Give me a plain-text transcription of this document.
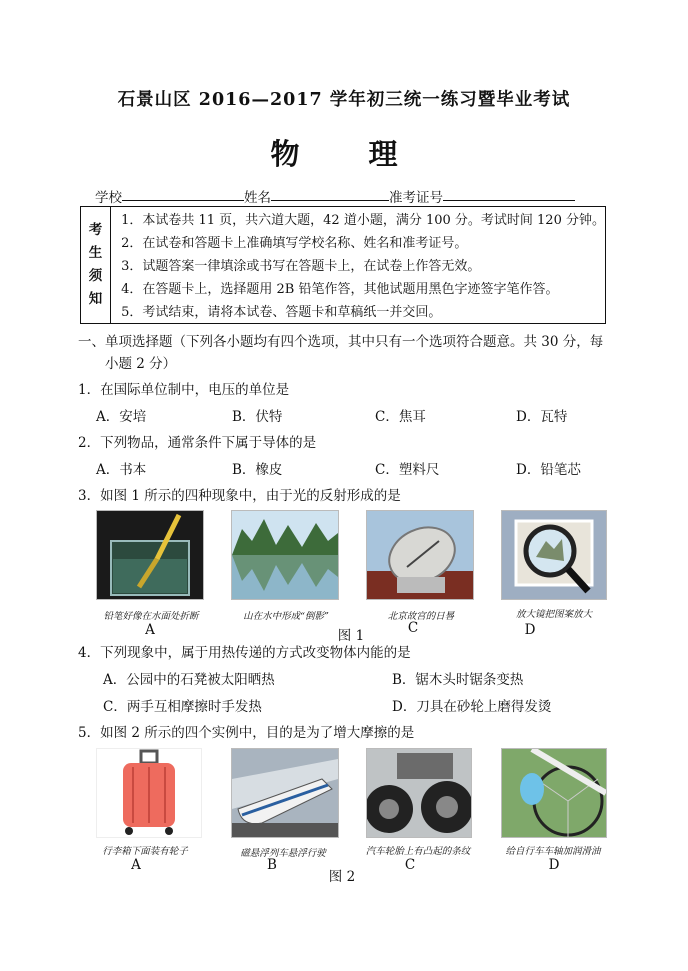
石景山区 2016—2017 学年初三统一练习暨毕业考试
物　理
学校	姓名	准考证号
考
生
须
知
1．本试卷共 11 页，共六道大题，42 道小题，满分 100 分。考试时间 120 分钟。
2．在试卷和答题卡上准确填写学校名称、姓名和准考证号。
3．试题答案一律填涂或书写在答题卡上，在试卷上作答无效。
4．在答题卡上，选择题用 2B 铅笔作答，其他试题用黑色字迹签字笔作答。
5．考试结束，请将本试卷、答题卡和草稿纸一并交回。
一、单项选择题（下列各小题均有四个选项，其中只有一个选项符合题意。共 30 分，每
小题 2 分）
1．在国际单位制中，电压的单位是
A．安培	B．伏特	C．焦耳	D．瓦特
2．下列物品，通常条件下属于导体的是
A．书本	B．橡皮	C．塑料尺	D．铅笔芯
3．如图 1 所示的四种现象中，由于光的反射形成的是
铅笔好像在水面处折断	山在水中形成“倒影”	北京故宫的日晷	放大镜把图案放大
A	C	D
图 1
4．下列现象中，属于用热传递的方式改变物体内能的是
A．公园中的石凳被太阳晒热	B．锯木头时锯条变热
C．两手互相摩擦时手发热	D．刀具在砂轮上磨得发烫
5．如图 2 所示的四个实例中，目的是为了增大摩擦的是
行李箱下面装有轮子	磁悬浮列车悬浮行驶	汽车轮胎上有凸起的条纹	给自行车车轴加润滑油
A	B	C	D
图 2
